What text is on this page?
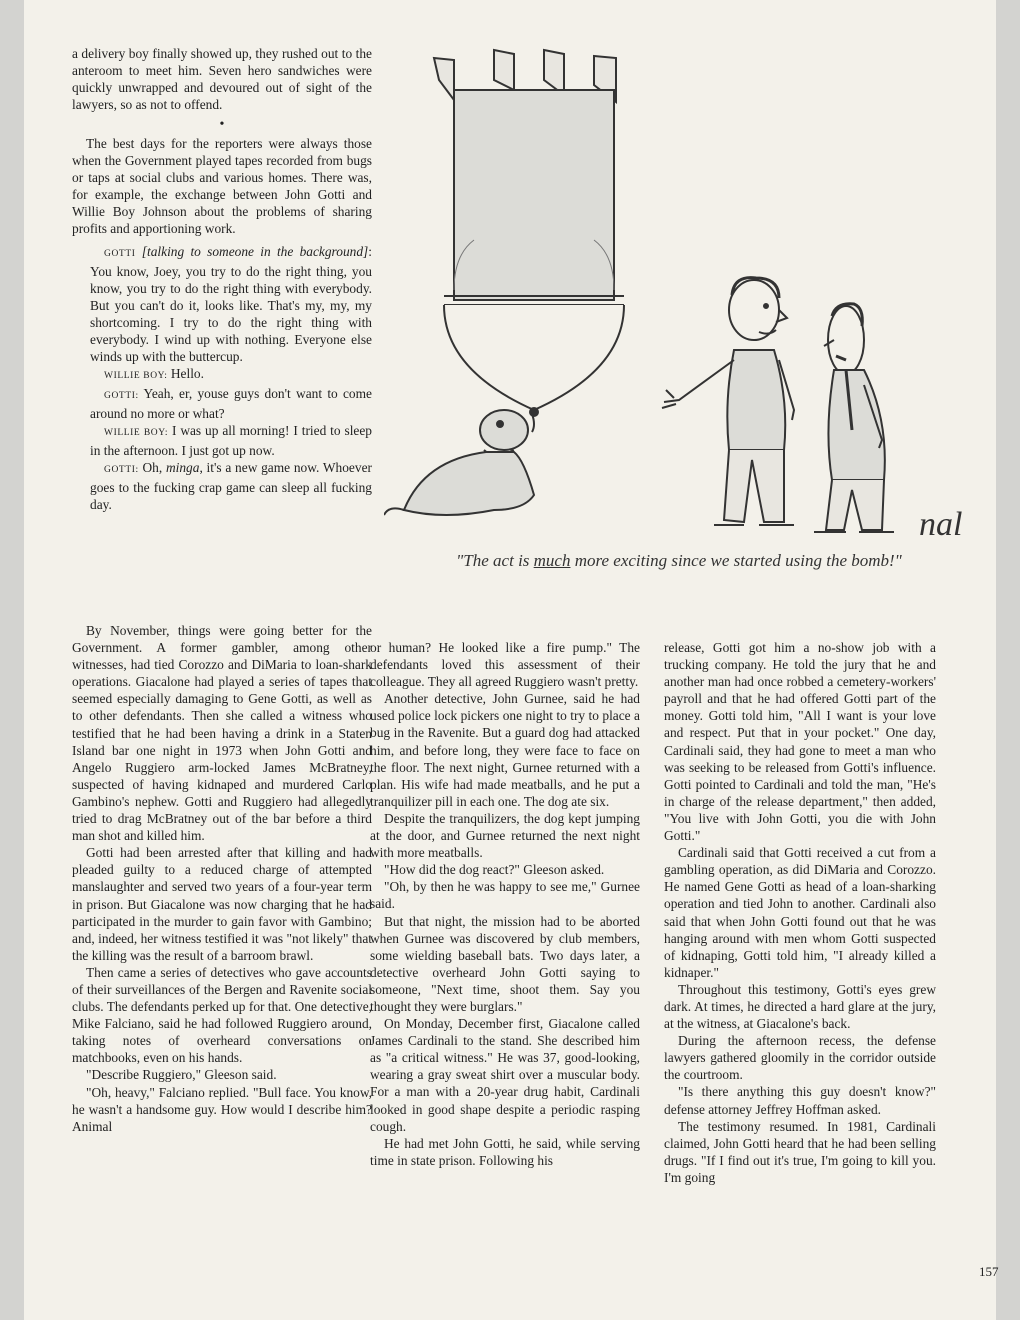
a delivery boy finally showed up, they rushed out to the anteroom to meet him. Seven hero sandwiches were quickly unwrapped and devoured out of sight of the lawyers, so as not to offend.

•

The best days for the reporters were always those when the Government played tapes recorded from bugs or taps at social clubs and various homes. There was, for example, the exchange between John Gotti and Willie Boy Johnson about the problems of sharing profits and apportioning work.

GOTTI [talking to someone in the background]: You know, Joey, you try to do the right thing, you know, you try to do the right thing with everybody. But you can't do it, looks like. That's my, my, my shortcoming. I try to do the right thing with everybody. I wind up with nothing. Everyone else winds up with the buttercup.

WILLIE BOY: Hello.

GOTTI: Yeah, er, youse guys don't want to come around no more or what?

WILLIE BOY: I was up all morning! I tried to sleep in the afternoon. I just got up now.

GOTTI: Oh, minga, it's a new game now. Whoever goes to the fucking crap game can sleep all fucking day.

nal
"The act is much more exciting since we started using the bomb!"

By November, things were going better for the Government. A former gambler, among other witnesses, had tied Corozzo and DiMaria to loan-shark operations. Giacalone had played a series of tapes that seemed especially damaging to Gene Gotti, as well as to other defendants. Then she called a witness who testified that he had been having a drink in a Staten Island bar one night in 1973 when John Gotti and Angelo Ruggiero arm-locked James McBratney, suspected of having kidnaped and murdered Carlo Gambino's nephew. Gotti and Ruggiero had allegedly tried to drag McBratney out of the bar before a third man shot and killed him.

Gotti had been arrested after that killing and had pleaded guilty to a reduced charge of attempted manslaughter and served two years of a four-year term in prison. But Giacalone was now charging that he had participated in the murder to gain favor with Gambino; and, indeed, her witness testified it was "not likely" that the killing was the result of a barroom brawl.

Then came a series of detectives who gave accounts of their surveillances of the Bergen and Ravenite social clubs. The defendants perked up for that. One detective, Mike Falciano, said he had followed Ruggiero around, taking notes of overheard conversations on matchbooks, even on his hands.

"Describe Ruggiero," Gleeson said.

"Oh, heavy," Falciano replied. "Bull face. You know, he wasn't a handsome guy. How would I describe him? Animal

or human? He looked like a fire pump." The defendants loved this assessment of their colleague. They all agreed Ruggiero wasn't pretty.

Another detective, John Gurnee, said he had used police lock pickers one night to try to place a bug in the Ravenite. But a guard dog had attacked him, and before long, they were face to face on the floor. The next night, Gurnee returned with a plan. His wife had made meatballs, and he put a tranquilizer pill in each one. The dog ate six.

Despite the tranquilizers, the dog kept jumping at the door, and Gurnee returned the next night with more meatballs.

"How did the dog react?" Gleeson asked.

"Oh, by then he was happy to see me," Gurnee said.

But that night, the mission had to be aborted when Gurnee was discovered by club members, some wielding baseball bats. Two days later, a detective overheard John Gotti saying to someone, "Next time, shoot them. Say you thought they were burglars."

On Monday, December first, Giacalone called James Cardinali to the stand. She described him as "a critical witness." He was 37, good-looking, wearing a gray sweat shirt over a muscular body. For a man with a 20-year drug habit, Cardinali looked in good shape despite a periodic rasping cough.

He had met John Gotti, he said, while serving time in state prison. Following his

release, Gotti got him a no-show job with a trucking company. He told the jury that he and another man had once robbed a cemetery-workers' payroll and that he had offered Gotti part of the money. Gotti told him, "All I want is your love and respect. Put that in your pocket." One day, Cardinali said, they had gone to meet a man who was seeking to be released from Gotti's influence. Gotti pointed to Cardinali and told the man, "He's in charge of the release department," then added, "You live with John Gotti, you die with John Gotti."

Cardinali said that Gotti received a cut from a gambling operation, as did DiMaria and Corozzo. He named Gene Gotti as head of a loan-sharking operation and tied John to another. Cardinali also said that when John Gotti found out that he was hanging around with men whom Gotti suspected of kidnaping, Gotti told him, "I already killed a kidnaper."

Throughout this testimony, Gotti's eyes grew dark. At times, he directed a hard glare at the jury, at the witness, at Giacalone's back.

During the afternoon recess, the defense lawyers gathered gloomily in the corridor outside the courtroom.

"Is there anything this guy doesn't know?" defense attorney Jeffrey Hoffman asked.

The testimony resumed. In 1981, Cardinali claimed, John Gotti heard that he had been selling drugs. "If I find out it's true, I'm going to kill you. I'm going

157
